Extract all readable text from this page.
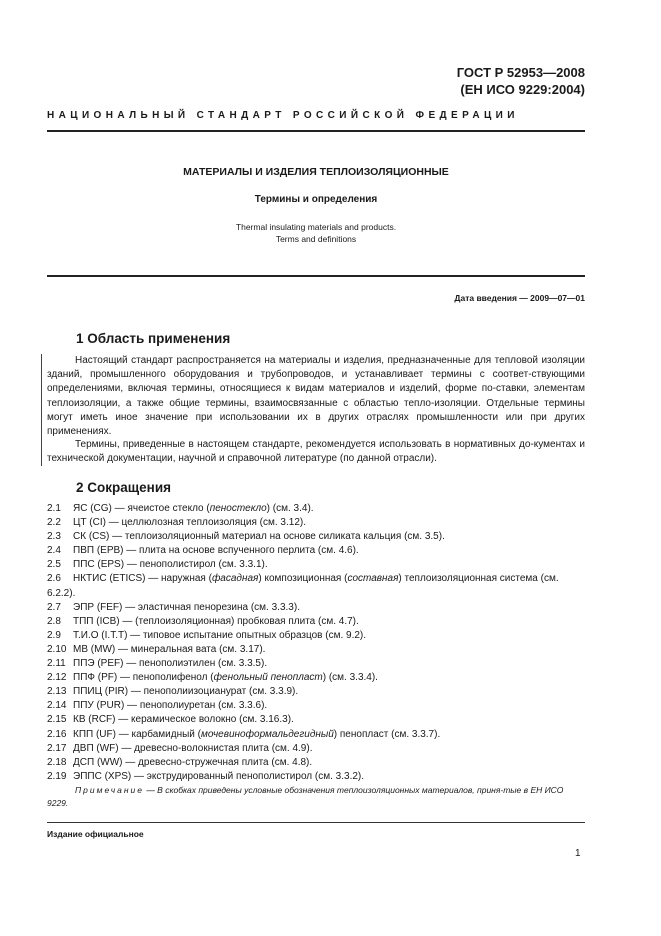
ГОСТ Р 52953—2008
(ЕН ИСО 9229:2004)
НАЦИОНАЛЬНЫЙ СТАНДАРТ РОССИЙСКОЙ ФЕДЕРАЦИИ
МАТЕРИАЛЫ И ИЗДЕЛИЯ ТЕПЛОИЗОЛЯЦИОННЫЕ
Термины и определения
Thermal insulating materials and products.
Terms and definitions
Дата введения — 2009—07—01
1 Область применения
Настоящий стандарт распространяется на материалы и изделия, предназначенные для тепловой изоляции зданий, промышленного оборудования и трубопроводов, и устанавливает термины с соответ-ствующими определениями, включая термины, относящиеся к видам материалов и изделий, форме по-ставки, элементам теплоизоляции, а также общие термины, взаимосвязанные с областью тепло-изоляции. Отдельные термины могут иметь иное значение при использовании их в других отраслях промышленности или при других применениях.
Термины, приведенные в настоящем стандарте, рекомендуется использовать в нормативных до-кументах и технической документации, научной и справочной литературе (по данной отрасли).
2 Сокращения
2.1 ЯС (CG) — ячеистое стекло (пеностекло) (см. 3.4).
2.2 ЦТ (CI) — целлюлозная теплоизоляция (см. 3.12).
2.3 СК (CS) — теплоизоляционный материал на основе силиката кальция (см. 3.5).
2.4 ПВП (EPB) — плита на основе вспученного перлита (см. 4.6).
2.5 ППС (EPS) — пенополистирол (см. 3.3.1).
2.6 НКТИС (ETICS) — наружная (фасадная) композиционная (составная) теплоизоляционная система (см. 6.2.2).
2.7 ЭПР (FEF) — эластичная пенорезина (см. 3.3.3).
2.8 ТПП (ICB) — (теплоизоляционная) пробковая плита (см. 4.7).
2.9 Т.И.О (I.T.T) — типовое испытание опытных образцов (см. 9.2).
2.10 МВ (MW) — минеральная вата (см. 3.17).
2.11 ППЭ (PEF) — пенополиэтилен (см. 3.3.5).
2.12 ППФ (PF) — пенополифенол (фенольный пенопласт) (см. 3.3.4).
2.13 ППИЦ (PIR) — пенополиизоцианурат (см. 3.3.9).
2.14 ППУ (PUR) — пенополиуретан (см. 3.3.6).
2.15 КВ (RCF) — керамическое волокно (см. 3.16.3).
2.16 КПП (UF) — карбамидный (мочевиноформальдегидный) пенопласт (см. 3.3.7).
2.17 ДВП (WF) — древесно-волокнистая плита (см. 4.9).
2.18 ДСП (WW) — древесно-стружечная плита (см. 4.8).
2.19 ЭППС (XPS) — экструдированный пенополистирол (см. 3.3.2).
Примечание — В скобках приведены условные обозначения теплоизоляционных материалов, приня-тые в ЕН ИСО 9229.
Издание официальное
1
